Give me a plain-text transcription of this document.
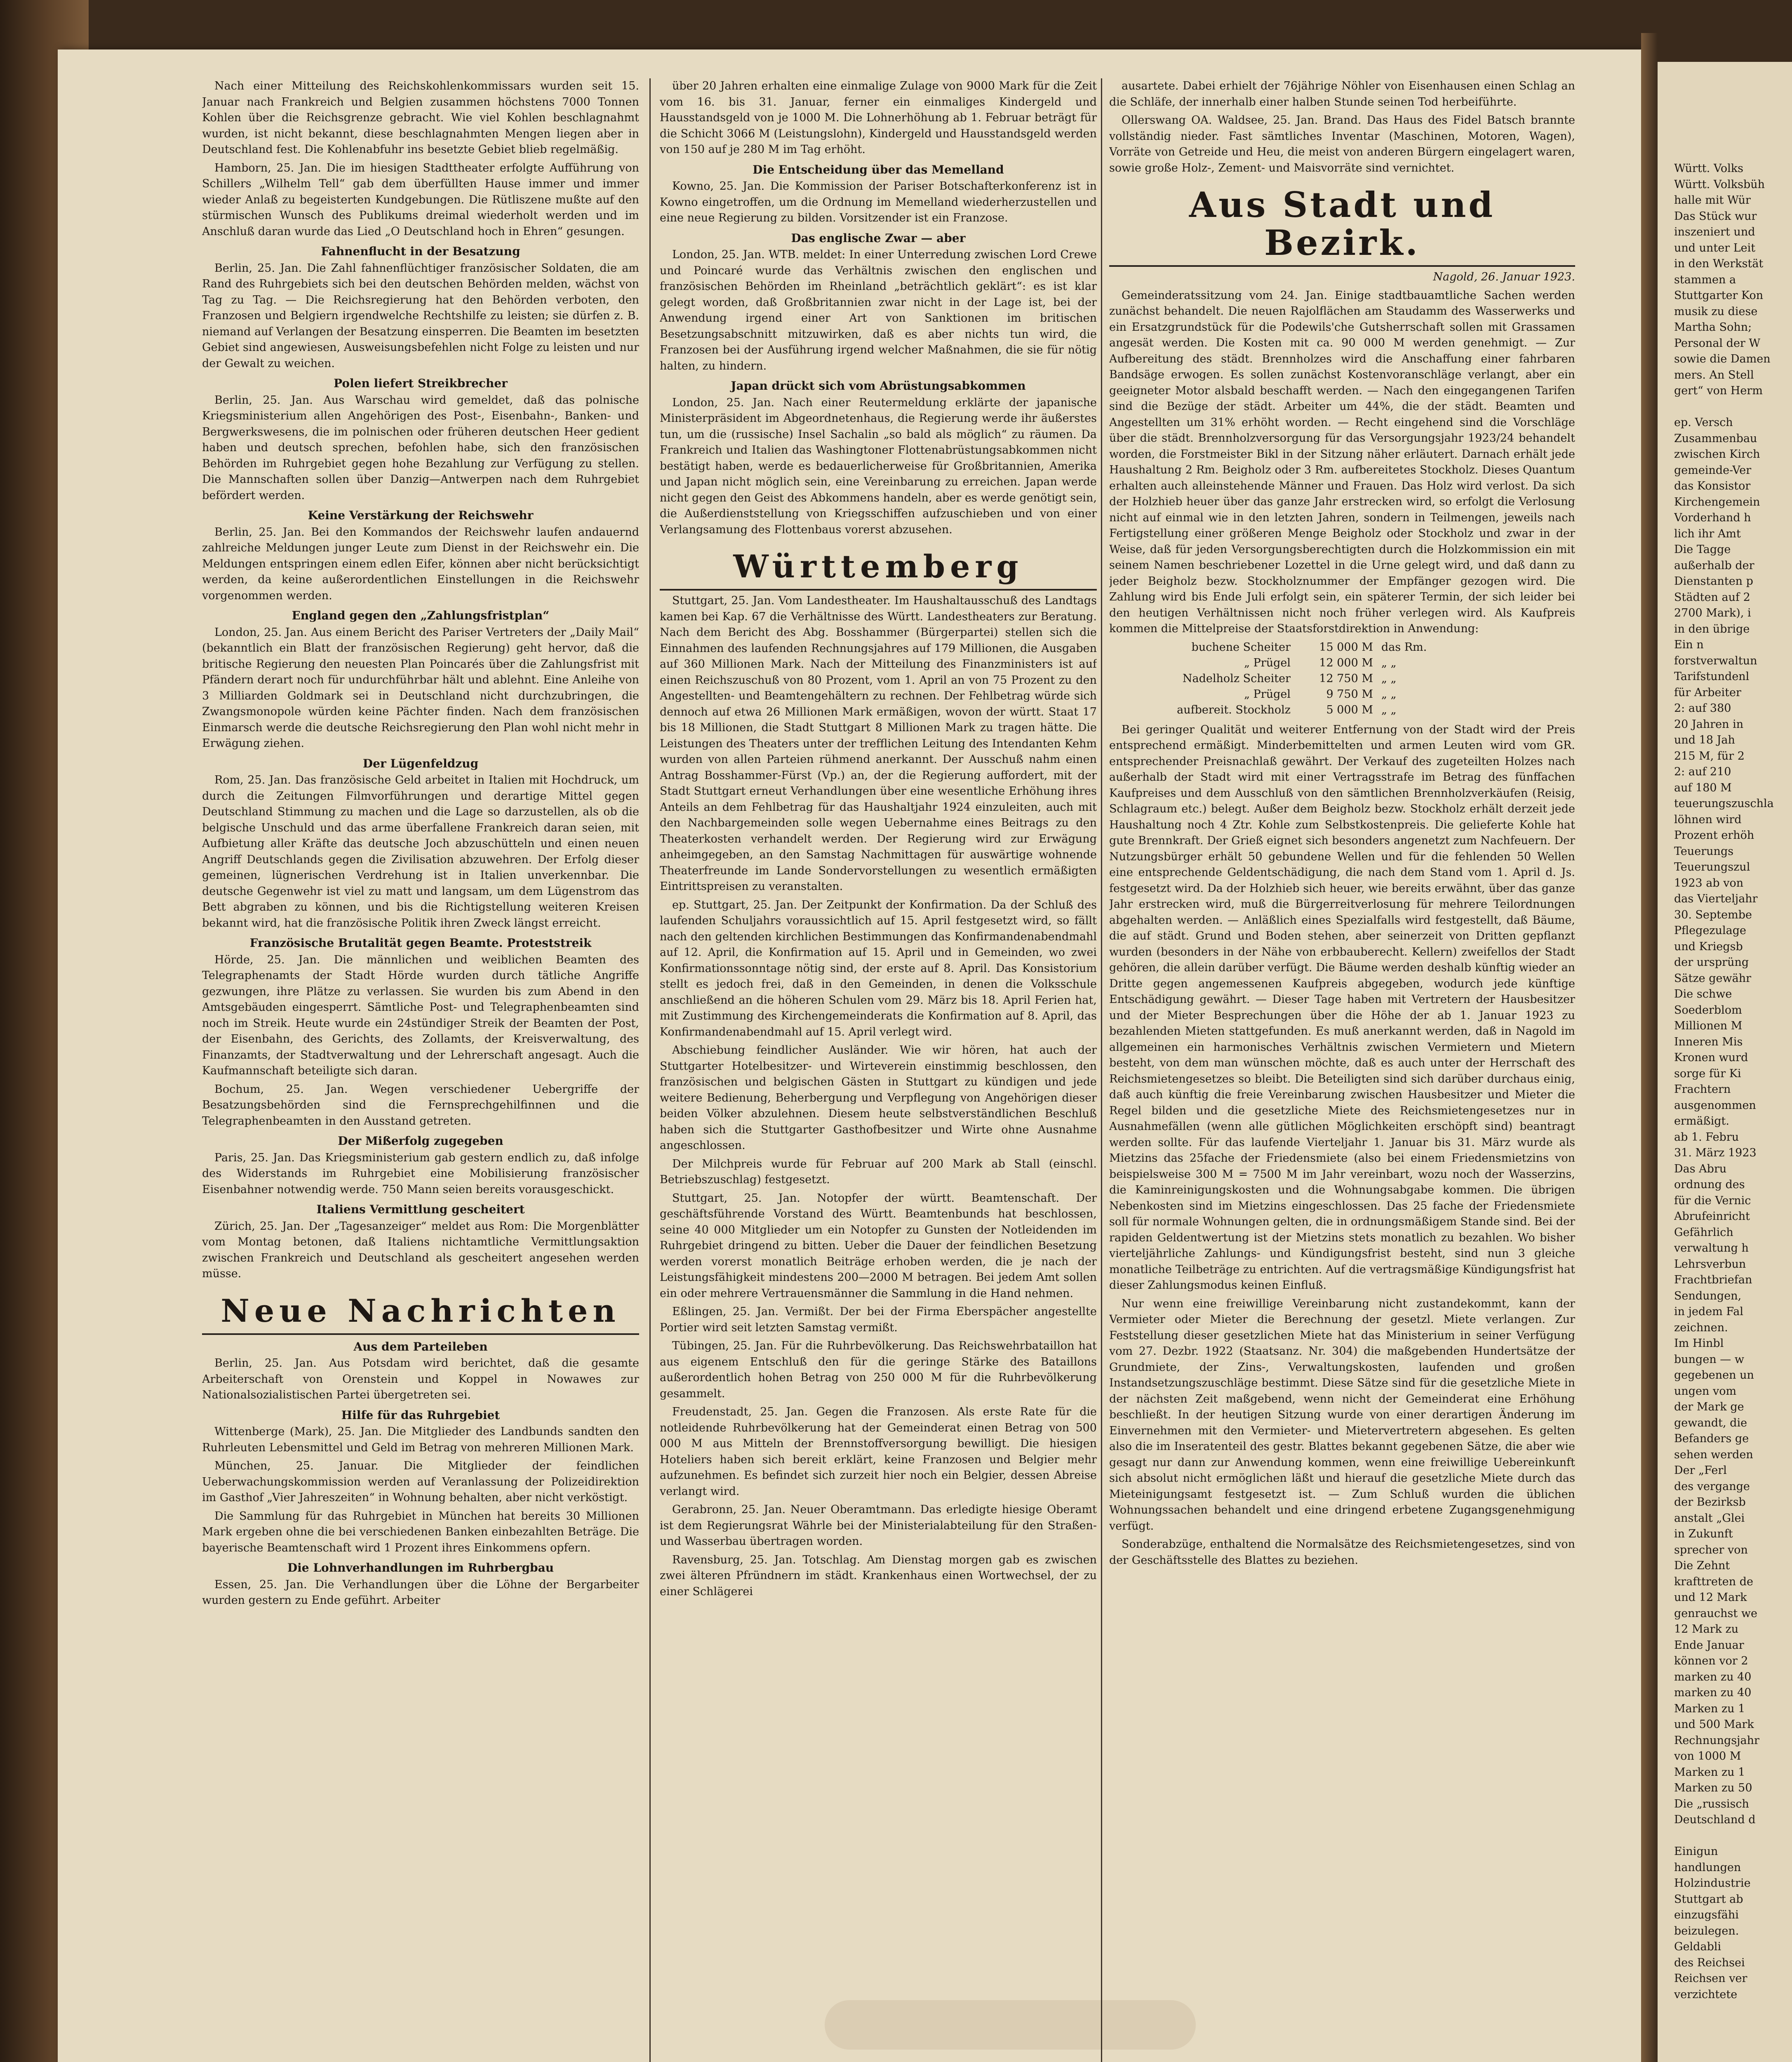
Nach einer Mitteilung des Reichskohlenkommissars wurden seit 15. Januar nach Frankreich und Belgien zusammen höchstens 7000 Tonnen Kohlen über die Reichsgrenze gebracht. Wie viel Kohlen beschlagnahmt wurden, ist nicht bekannt, diese beschlagnahmten Mengen liegen aber in Deutschland fest. Die Kohlenabfuhr ins besetzte Gebiet blieb regelmäßig.

Hamborn, 25. Jan. Die im hiesigen Stadttheater erfolgte Aufführung von Schillers „Wilhelm Tell“ gab dem überfüllten Hause immer und immer wieder Anlaß zu begeisterten Kundgebungen. Die Rütliszene mußte auf den stürmischen Wunsch des Publikums dreimal wiederholt werden und im Anschluß daran wurde das Lied „O Deutschland hoch in Ehren“ gesungen.

Fahnenflucht in der Besatzung

Berlin, 25. Jan. Die Zahl fahnenflüchtiger französischer Soldaten, die am Rand des Ruhrgebiets sich bei den deutschen Behörden melden, wächst von Tag zu Tag. — Die Reichsregierung hat den Behörden verboten, den Franzosen und Belgiern irgendwelche Rechtshilfe zu leisten; sie dürfen z. B. niemand auf Verlangen der Besatzung einsperren. Die Beamten im besetzten Gebiet sind angewiesen, Ausweisungsbefehlen nicht Folge zu leisten und nur der Gewalt zu weichen.

Polen liefert Streikbrecher

Berlin, 25. Jan. Aus Warschau wird gemeldet, daß das polnische Kriegsministerium allen Angehörigen des Post-, Eisenbahn-, Banken- und Bergwerkswesens, die im polnischen oder früheren deutschen Heer gedient haben und deutsch sprechen, befohlen habe, sich den französischen Behörden im Ruhrgebiet gegen hohe Bezahlung zur Verfügung zu stellen. Die Mannschaften sollen über Danzig—Antwerpen nach dem Ruhrgebiet befördert werden.

Keine Verstärkung der Reichswehr

Berlin, 25. Jan. Bei den Kommandos der Reichswehr laufen andauernd zahlreiche Meldungen junger Leute zum Dienst in der Reichswehr ein. Die Meldungen entspringen einem edlen Eifer, können aber nicht berücksichtigt werden, da keine außerordentlichen Einstellungen in die Reichswehr vorgenommen werden.

England gegen den „Zahlungsfristplan“

London, 25. Jan. Aus einem Bericht des Pariser Vertreters der „Daily Mail“ (bekanntlich ein Blatt der französischen Regierung) geht hervor, daß die britische Regierung den neuesten Plan Poincarés über die Zahlungsfrist mit Pfändern derart noch für undurchführbar hält und ablehnt. Eine Anleihe von 3 Milliarden Goldmark sei in Deutschland nicht durchzubringen, die Zwangsmonopole würden keine Pächter finden. Nach dem französischen Einmarsch werde die deutsche Reichsregierung den Plan wohl nicht mehr in Erwägung ziehen.

Der Lügenfeldzug

Rom, 25. Jan. Das französische Geld arbeitet in Italien mit Hochdruck, um durch die Zeitungen Filmvorführungen und derartige Mittel gegen Deutschland Stimmung zu machen und die Lage so darzustellen, als ob die belgische Unschuld und das arme überfallene Frankreich daran seien, mit Aufbietung aller Kräfte das deutsche Joch abzuschütteln und einen neuen Angriff Deutschlands gegen die Zivilisation abzuwehren. Der Erfolg dieser gemeinen, lügnerischen Verdrehung ist in Italien unverkennbar. Die deutsche Gegenwehr ist viel zu matt und langsam, um dem Lügenstrom das Bett abgraben zu können, und bis die Richtigstellung weiteren Kreisen bekannt wird, hat die französische Politik ihren Zweck längst erreicht.

Französische Brutalität gegen Beamte. Proteststreik

Hörde, 25. Jan. Die männlichen und weiblichen Beamten des Telegraphenamts der Stadt Hörde wurden durch tätliche Angriffe gezwungen, ihre Plätze zu verlassen. Sie wurden bis zum Abend in den Amtsgebäuden eingesperrt. Sämtliche Post- und Telegraphenbeamten sind noch im Streik. Heute wurde ein 24stündiger Streik der Beamten der Post, der Eisenbahn, des Gerichts, des Zollamts, der Kreisverwaltung, des Finanzamts, der Stadtverwaltung und der Lehrerschaft angesagt. Auch die Kaufmannschaft beteiligte sich daran.

Bochum, 25. Jan. Wegen verschiedener Uebergriffe der Besatzungsbehörden sind die Fernsprechgehilfinnen und die Telegraphenbeamten in den Ausstand getreten.

Der Mißerfolg zugegeben

Paris, 25. Jan. Das Kriegsministerium gab gestern endlich zu, daß infolge des Widerstands im Ruhrgebiet eine Mobilisierung französischer Eisenbahner notwendig werde. 750 Mann seien bereits vorausgeschickt.

Italiens Vermittlung gescheitert

Zürich, 25. Jan. Der „Tagesanzeiger“ meldet aus Rom: Die Morgenblätter vom Montag betonen, daß Italiens nichtamtliche Vermittlungsaktion zwischen Frankreich und Deutschland als gescheitert angesehen werden müsse.

Neue Nachrichten
Aus dem Parteileben

Berlin, 25. Jan. Aus Potsdam wird berichtet, daß die gesamte Arbeiterschaft von Orenstein und Koppel in Nowawes zur Nationalsozialistischen Partei übergetreten sei.

Hilfe für das Ruhrgebiet

Wittenberge (Mark), 25. Jan. Die Mitglieder des Landbunds sandten den Ruhrleuten Lebensmittel und Geld im Betrag von mehreren Millionen Mark.

München, 25. Januar. Die Mitglieder der feindlichen Ueberwachungskommission werden auf Veranlassung der Polizeidirektion im Gasthof „Vier Jahreszeiten“ in Wohnung behalten, aber nicht verköstigt.

Die Sammlung für das Ruhrgebiet in München hat bereits 30 Millionen Mark ergeben ohne die bei verschiedenen Banken einbezahlten Beträge. Die bayerische Beamtenschaft wird 1 Prozent ihres Einkommens opfern.

Die Lohnverhandlungen im Ruhrbergbau

Essen, 25. Jan. Die Verhandlungen über die Löhne der Bergarbeiter wurden gestern zu Ende geführt. Arbeiter

über 20 Jahren erhalten eine einmalige Zulage von 9000 Mark für die Zeit vom 16. bis 31. Januar, ferner ein einmaliges Kindergeld und Hausstandsgeld von je 1000 M. Die Lohnerhöhung ab 1. Februar beträgt für die Schicht 3066 M (Leistungslohn), Kindergeld und Hausstandsgeld werden von 150 auf je 280 M im Tag erhöht.

Die Entscheidung über das Memelland

Kowno, 25. Jan. Die Kommission der Pariser Botschafterkonferenz ist in Kowno eingetroffen, um die Ordnung im Memelland wiederherzustellen und eine neue Regierung zu bilden. Vorsitzender ist ein Franzose.

Das englische Zwar — aber

London, 25. Jan. WTB. meldet: In einer Unterredung zwischen Lord Crewe und Poincaré wurde das Verhältnis zwischen den englischen und französischen Behörden im Rheinland „beträchtlich geklärt“: es ist klar gelegt worden, daß Großbritannien zwar nicht in der Lage ist, bei der Anwendung irgend einer Art von Sanktionen im britischen Besetzungsabschnitt mitzuwirken, daß es aber nichts tun wird, die Franzosen bei der Ausführung irgend welcher Maßnahmen, die sie für nötig halten, zu hindern.

Japan drückt sich vom Abrüstungsabkommen

London, 25. Jan. Nach einer Reutermeldung erklärte der japanische Ministerpräsident im Abgeordnetenhaus, die Regierung werde ihr äußerstes tun, um die (russische) Insel Sachalin „so bald als möglich“ zu räumen. Da Frankreich und Italien das Washingtoner Flottenabrüstungsabkommen nicht bestätigt haben, werde es bedauerlicherweise für Großbritannien, Amerika und Japan nicht möglich sein, eine Vereinbarung zu erreichen. Japan werde nicht gegen den Geist des Abkommens handeln, aber es werde genötigt sein, die Außerdienststellung von Kriegsschiffen aufzuschieben und von einer Verlangsamung des Flottenbaus vorerst abzusehen.

Württemberg

Stuttgart, 25. Jan. Vom Landestheater. Im Haushaltausschuß des Landtags kamen bei Kap. 67 die Verhältnisse des Württ. Landestheaters zur Beratung. Nach dem Bericht des Abg. Bosshammer (Bürgerpartei) stellen sich die Einnahmen des laufenden Rechnungsjahres auf 179 Millionen, die Ausgaben auf 360 Millionen Mark. Nach der Mitteilung des Finanzministers ist auf einen Reichszuschuß von 80 Prozent, vom 1. April an von 75 Prozent zu den Angestellten- und Beamtengehältern zu rechnen. Der Fehlbetrag würde sich dennoch auf etwa 26 Millionen Mark ermäßigen, wovon der württ. Staat 17 bis 18 Millionen, die Stadt Stuttgart 8 Millionen Mark zu tragen hätte. Die Leistungen des Theaters unter der trefflichen Leitung des Intendanten Kehm wurden von allen Parteien rühmend anerkannt. Der Ausschuß nahm einen Antrag Bosshammer-Fürst (Vp.) an, der die Regierung auffordert, mit der Stadt Stuttgart erneut Verhandlungen über eine wesentliche Erhöhung ihres Anteils an dem Fehlbetrag für das Haushaltjahr 1924 einzuleiten, auch mit den Nachbargemeinden solle wegen Uebernahme eines Beitrags zu den Theaterkosten verhandelt werden. Der Regierung wird zur Erwägung anheimgegeben, an den Samstag Nachmittagen für auswärtige wohnende Theaterfreunde im Lande Sondervorstellungen zu wesentlich ermäßigten Eintrittspreisen zu veranstalten.

ep. Stuttgart, 25. Jan. Der Zeitpunkt der Konfirmation. Da der Schluß des laufenden Schuljahrs voraussichtlich auf 15. April festgesetzt wird, so fällt nach den geltenden kirchlichen Bestimmungen das Konfirmandenabendmahl auf 12. April, die Konfirmation auf 15. April und in Gemeinden, wo zwei Konfirmationssonntage nötig sind, der erste auf 8. April. Das Konsistorium stellt es jedoch frei, daß in den Gemeinden, in denen die Volksschule anschließend an die höheren Schulen vom 29. März bis 18. April Ferien hat, mit Zustimmung des Kirchengemeinderats die Konfirmation auf 8. April, das Konfirmandenabendmahl auf 15. April verlegt wird.

Abschiebung feindlicher Ausländer. Wie wir hören, hat auch der Stuttgarter Hotelbesitzer- und Wirteverein einstimmig beschlossen, den französischen und belgischen Gästen in Stuttgart zu kündigen und jede weitere Bedienung, Beherbergung und Verpflegung von Angehörigen dieser beiden Völker abzulehnen. Diesem heute selbstverständlichen Beschluß haben sich die Stuttgarter Gasthofbesitzer und Wirte ohne Ausnahme angeschlossen.

Der Milchpreis wurde für Februar auf 200 Mark ab Stall (einschl. Betriebszuschlag) festgesetzt.

Stuttgart, 25. Jan. Notopfer der württ. Beamtenschaft. Der geschäftsführende Vorstand des Württ. Beamtenbunds hat beschlossen, seine 40 000 Mitglieder um ein Notopfer zu Gunsten der Notleidenden im Ruhrgebiet dringend zu bitten. Ueber die Dauer der feindlichen Besetzung werden vorerst monatlich Beiträge erhoben werden, die je nach der Leistungsfähigkeit mindestens 200—2000 M betragen. Bei jedem Amt sollen ein oder mehrere Vertrauensmänner die Sammlung in die Hand nehmen.

Eßlingen, 25. Jan. Vermißt. Der bei der Firma Eberspächer angestellte Portier wird seit letzten Samstag vermißt.

Tübingen, 25. Jan. Für die Ruhrbevölkerung. Das Reichswehrbataillon hat aus eigenem Entschluß den für die geringe Stärke des Bataillons außerordentlich hohen Betrag von 250 000 M für die Ruhrbevölkerung gesammelt.

Freudenstadt, 25. Jan. Gegen die Franzosen. Als erste Rate für die notleidende Ruhrbevölkerung hat der Gemeinderat einen Betrag von 500 000 M aus Mitteln der Brennstoffversorgung bewilligt. Die hiesigen Hoteliers haben sich bereit erklärt, keine Franzosen und Belgier mehr aufzunehmen. Es befindet sich zurzeit hier noch ein Belgier, dessen Abreise verlangt wird.

Gerabronn, 25. Jan. Neuer Oberamtmann. Das erledigte hiesige Oberamt ist dem Regierungsrat Währle bei der Ministerialabteilung für den Straßen- und Wasserbau übertragen worden.

Ravensburg, 25. Jan. Totschlag. Am Dienstag morgen gab es zwischen zwei älteren Pfründnern im städt. Krankenhaus einen Wortwechsel, der zu einer Schlägerei

ausartete. Dabei erhielt der 76jährige Nöhler von Eisenhausen einen Schlag an die Schläfe, der innerhalb einer halben Stunde seinen Tod herbeiführte.

Ollerswang OA. Waldsee, 25. Jan. Brand. Das Haus des Fidel Batsch brannte vollständig nieder. Fast sämtliches Inventar (Maschinen, Motoren, Wagen), Vorräte von Getreide und Heu, die meist von anderen Bürgern eingelagert waren, sowie große Holz-, Zement- und Maisvorräte sind vernichtet.

Aus Stadt und Bezirk.
Nagold, 26. Januar 1923.

Gemeinderatssitzung vom 24. Jan. Einige stadtbauamtliche Sachen werden zunächst behandelt. Die neuen Rajolflächen am Staudamm des Wasserwerks und ein Ersatzgrundstück für die Podewils'che Gutsherrschaft sollen mit Grassamen angesät werden. Die Kosten mit ca. 90 000 M werden genehmigt. — Zur Aufbereitung des städt. Brennholzes wird die Anschaffung einer fahrbaren Bandsäge erwogen. Es sollen zunächst Kostenvoranschläge verlangt, aber ein geeigneter Motor alsbald beschafft werden. — Nach den eingegangenen Tarifen sind die Bezüge der städt. Arbeiter um 44%, die der städt. Beamten und Angestellten um 31% erhöht worden. — Recht eingehend sind die Vorschläge über die städt. Brennholzversorgung für das Versorgungsjahr 1923/24 behandelt worden, die Forstmeister Bikl in der Sitzung näher erläutert. Darnach erhält jede Haushaltung 2 Rm. Beigholz oder 3 Rm. aufbereitetes Stockholz. Dieses Quantum erhalten auch alleinstehende Männer und Frauen. Das Holz wird verlost. Da sich der Holzhieb heuer über das ganze Jahr erstrecken wird, so erfolgt die Verlosung nicht auf einmal wie in den letzten Jahren, sondern in Teilmengen, jeweils nach Fertigstellung einer größeren Menge Beigholz oder Stockholz und zwar in der Weise, daß für jeden Versorgungsberechtigten durch die Holzkommission ein mit seinem Namen beschriebener Lozettel in die Urne gelegt wird, und daß dann zu jeder Beigholz bezw. Stockholznummer der Empfänger gezogen wird. Die Zahlung wird bis Ende Juli erfolgt sein, ein späterer Termin, der sich leider bei den heutigen Verhältnissen nicht noch früher verlegen wird. Als Kaufpreis kommen die Mittelpreise der Staatsforstdirektion in Anwendung:

buchene Scheiter	15 000 M das Rm.
„ Prügel	12 000 M „ „
Nadelholz Scheiter	12 750 M „ „
„ Prügel	9 750 M „ „
aufbereit. Stockholz	5 000 M „ „

Bei geringer Qualität und weiterer Entfernung von der Stadt wird der Preis entsprechend ermäßigt. Minderbemittelten und armen Leuten wird vom GR. entsprechender Preisnachlaß gewährt. Der Verkauf des zugeteilten Holzes nach außerhalb der Stadt wird mit einer Vertragsstrafe im Betrag des fünffachen Kaufpreises und dem Ausschluß von den sämtlichen Brennholzverkäufen (Reisig, Schlagraum etc.) belegt. Außer dem Beigholz bezw. Stockholz erhält derzeit jede Haushaltung noch 4 Ztr. Kohle zum Selbstkostenpreis. Die gelieferte Kohle hat gute Brennkraft. Der Grieß eignet sich besonders angenetzt zum Nachfeuern. Der Nutzungsbürger erhält 50 gebundene Wellen und für die fehlenden 50 Wellen eine entsprechende Geldentschädigung, die nach dem Stand vom 1. April d. Js. festgesetzt wird. Da der Holzhieb sich heuer, wie bereits erwähnt, über das ganze Jahr erstrecken wird, muß die Bürgerreitverlosung für mehrere Teilordnungen abgehalten werden. — Anläßlich eines Spezialfalls wird festgestellt, daß Bäume, die auf städt. Grund und Boden stehen, aber seinerzeit von Dritten gepflanzt wurden (besonders in der Nähe von erbbauberecht. Kellern) zweifellos der Stadt gehören, die allein darüber verfügt. Die Bäume werden deshalb künftig wieder an Dritte gegen angemessenen Kaufpreis abgegeben, wodurch jede künftige Entschädigung gewährt. — Dieser Tage haben mit Vertretern der Hausbesitzer und der Mieter Besprechungen über die Höhe der ab 1. Januar 1923 zu bezahlenden Mieten stattgefunden. Es muß anerkannt werden, daß in Nagold im allgemeinen ein harmonisches Verhältnis zwischen Vermietern und Mietern besteht, von dem man wünschen möchte, daß es auch unter der Herrschaft des Reichsmietengesetzes so bleibt. Die Beteiligten sind sich darüber durchaus einig, daß auch künftig die freie Vereinbarung zwischen Hausbesitzer und Mieter die Regel bilden und die gesetzliche Miete des Reichsmietengesetzes nur in Ausnahmefällen (wenn alle gütlichen Möglichkeiten erschöpft sind) beantragt werden sollte. Für das laufende Vierteljahr 1. Januar bis 31. März wurde als Mietzins das 25fache der Friedensmiete (also bei einem Friedensmietzins von beispielsweise 300 M = 7500 M im Jahr vereinbart, wozu noch der Wasserzins, die Kaminreinigungskosten und die Wohnungsabgabe kommen. Die übrigen Nebenkosten sind im Mietzins eingeschlossen. Das 25 fache der Friedensmiete soll für normale Wohnungen gelten, die in ordnungsmäßigem Stande sind. Bei der rapiden Geldentwertung ist der Mietzins stets monatlich zu bezahlen. Wo bisher vierteljährliche Zahlungs- und Kündigungsfrist besteht, sind nun 3 gleiche monatliche Teilbeträge zu entrichten. Auf die vertragsmäßige Kündigungsfrist hat dieser Zahlungsmodus keinen Einfluß.

Nur wenn eine freiwillige Vereinbarung nicht zustandekommt, kann der Vermieter oder Mieter die Berechnung der gesetzl. Miete verlangen. Zur Feststellung dieser gesetzlichen Miete hat das Ministerium in seiner Verfügung vom 27. Dezbr. 1922 (Staatsanz. Nr. 304) die maßgebenden Hundertsätze der Grundmiete, der Zins-, Verwaltungskosten, laufenden und großen Instandsetzungszuschläge bestimmt. Diese Sätze sind für die gesetzliche Miete in der nächsten Zeit maßgebend, wenn nicht der Gemeinderat eine Erhöhung beschließt. In der heutigen Sitzung wurde von einer derartigen Änderung im Einvernehmen mit den Vermieter- und Mietervertretern abgesehen. Es gelten also die im Inseratenteil des gestr. Blattes bekannt gegebenen Sätze, die aber wie gesagt nur dann zur Anwendung kommen, wenn eine freiwillige Uebereinkunft sich absolut nicht ermöglichen läßt und hierauf die gesetzliche Miete durch das Mieteinigungsamt festgesetzt ist. — Zum Schluß wurden die üblichen Wohnungssachen behandelt und eine dringend erbetene Zugangsgenehmigung verfügt.

Sonderabzüge, enthaltend die Normalsätze des Reichsmietengesetzes, sind von der Geschäftsstelle des Blattes zu beziehen.

Württ. Volks
Württ. Volksbüh
halle mit Wür
Das Stück wur
inszeniert und
und unter Leit
in den Werkstät
stammen a
Stuttgarter Kon
musik zu diese
Martha Sohn;
Personal der W
sowie die Damen
mers. An Stell
gert“ von Herm

ep. Versch
Zusammenbau
zwischen Kirch
gemeinde-Ver
das Konsistor
Kirchengemein
Vorderhand h
lich ihr Amt
Die Tagge
außerhalb der
Dienstanten p
Städten auf 2
2700 Mark), i
in den übrige
Ein n
forstverwaltun
Tarifstundenl
für Arbeiter
2: auf 380
20 Jahren in
und 18 Jah
215 M, für 2
2: auf 210
auf 180 M
teuerungszuschla
löhnen wird
Prozent erhöh
Teuerungs
Teuerungszul
1923 ab von
das Vierteljahr
30. Septembe
Pflegezulage
und Kriegsb
der ursprüng
Sätze gewähr
Die schwe
Soederblom
Millionen M
Inneren Mis
Kronen wurd
sorge für Ki
Frachtern
ausgenommen
ermäßigt.
ab 1. Febru
31. März 1923
Das Abru
ordnung des
für die Vernic
Abrufeinricht
Gefährlich
verwaltung h
Lehrsverbun
Frachtbriefan
Sendungen,
in jedem Fal
zeichnen.
Im Hinbl
bungen — w
gegebenen un
ungen vom
der Mark ge
gewandt, die
Befanders ge
sehen werden
Der „Ferl
des vergange
der Bezirksb
anstalt „Glei
in Zukunft
sprecher von
Die Zehnt
krafttreten de
und 12 Mark
genrauchst we
12 Mark zu
Ende Januar
können vor 2
marken zu 40
marken zu 40
Marken zu 1
und 500 Mark
Rechnungsjahr
von 1000 M
Marken zu 1
Marken zu 50
Die „russisch
Deutschland d

Einigun
handlungen
Holzindustrie
Stuttgart ab
einzugsfähi
beizulegen.
Geldabli
des Reichsei
Reichsen ver
verzichtete
